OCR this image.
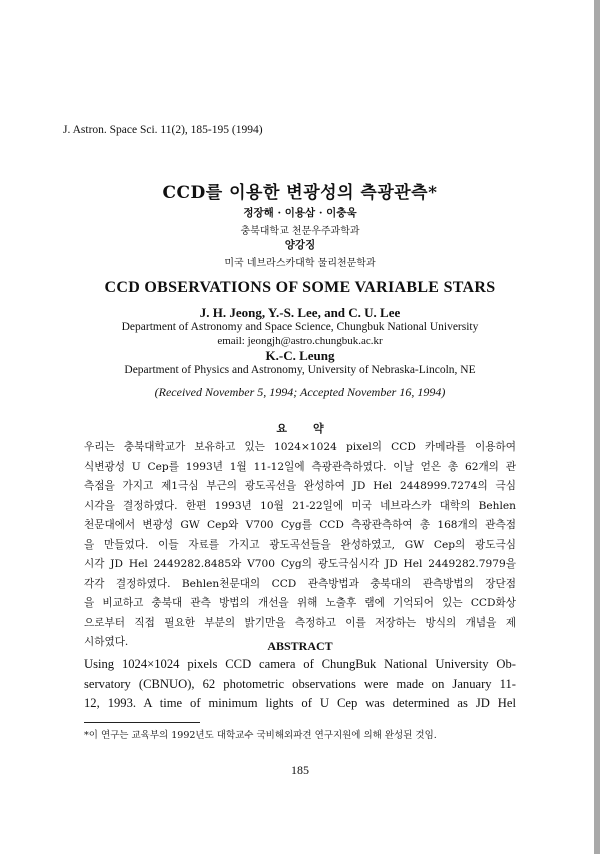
J. Astron. Space Sci. 11(2), 185-195 (1994)
CCD를 이용한 변광성의 측광관측*
정장해 · 이용삼 · 이충욱
충북대학교 천문우주과학과
양강징
미국 네브라스카대학 물리천문학과
CCD OBSERVATIONS OF SOME VARIABLE STARS
J. H. Jeong, Y.-S. Lee, and C. U. Lee
Department of Astronomy and Space Science, Chungbuk National University
email: jeongjh@astro.chungbuk.ac.kr
K.-C. Leung
Department of Physics and Astronomy, University of Nebraska-Lincoln, NE
(Received November 5, 1994; Accepted November 16, 1994)
요약
우리는 충북대학교가 보유하고 있는 1024×1024 pixel의 CCD 카메라를 이용하여
식변광성 U Cep를 1993년 1월 11-12일에 측광관측하였다. 이날 얻은 총 62개의 관
측점을 가지고 제1극심 부근의 광도곡선을 완성하여 JD Hel 2448999.7274의 극심
시각을 결정하였다. 한편 1993년 10월 21-22일에 미국 네브라스카 대학의 Behlen
천문대에서 변광성 GW Cep와 V700 Cyg를 CCD 측광관측하여 총 168개의 관측점
을 만들었다. 이들 자료를 가지고 광도곡선들을 완성하였고, GW Cep의 광도극심
시각 JD Hel 2449282.8485와 V700 Cyg의 광도극심시각 JD Hel 2449282.7979을
각각 결정하였다. Behlen천문대의 CCD 관측방법과 충북대의 관측방법의 장단점
을 비교하고 충북대 관측 방법의 개선을 위해 노출후 램에 기억되어 있는 CCD화상
으로부터 직접 필요한 부분의 밝기만을 측정하고 이를 저장하는 방식의 개념을 제
시하였다.	ABSTRACT
Using 1024×1024 pixels CCD camera of ChungBuk National University Ob-
servatory (CBNUO), 62 photometric observations were made on January 11-
12, 1993. A time of minimum lights of U Cep was determined as JD Hel
*이 연구는 교육부의 1992년도 대학교수 국비해외파견 연구지원에 의해 완성된 것임.
185
